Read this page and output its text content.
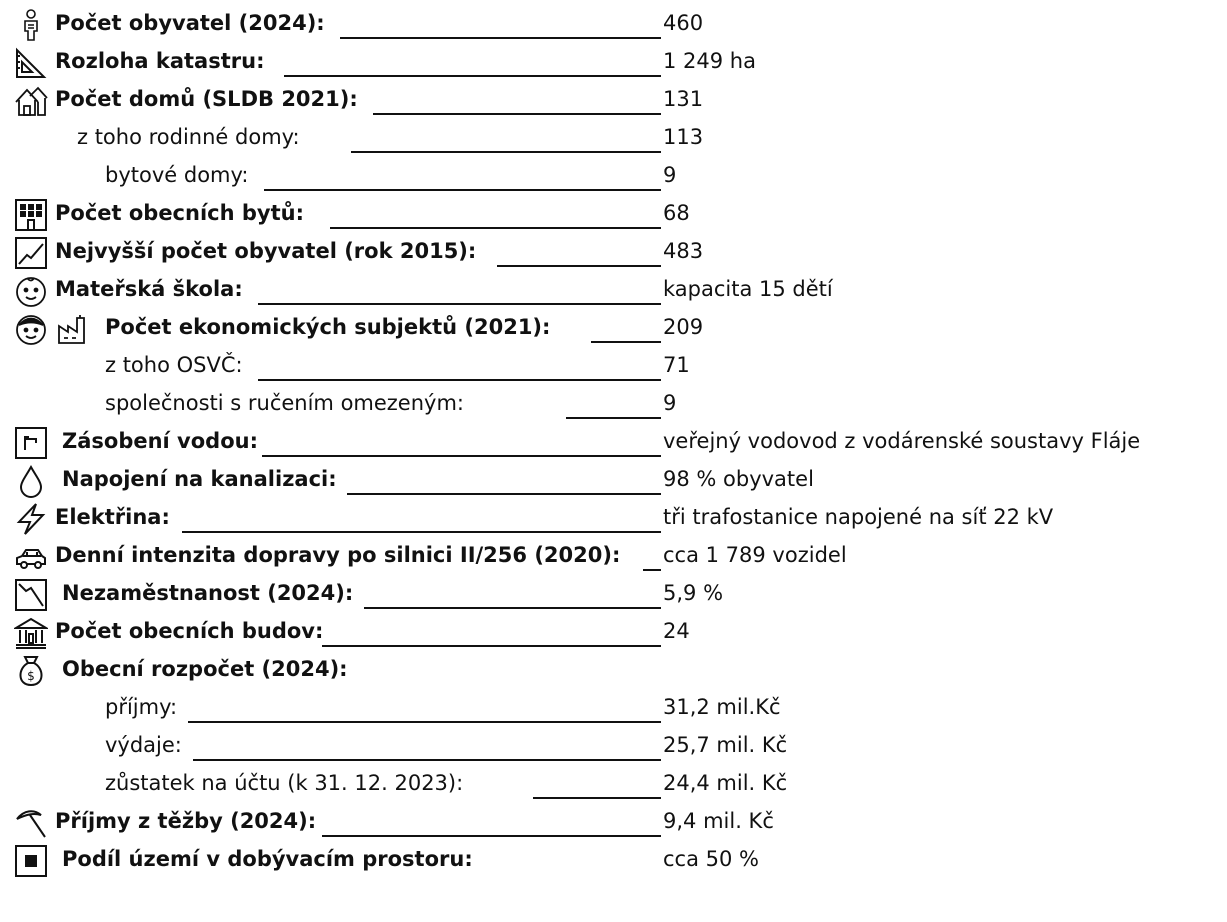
Počet obyvatel (2024):	460
Rozloha katastru:	1 249 ha
Počet domů (SLDB 2021):	131
z toho rodinné domy:	113
bytové domy:	9
Počet obecních bytů:	68
Nejvyšší počet obyvatel (rok 2015):	483
Mateřská škola:	kapacita 15 dětí
Počet ekonomických subjektů (2021):	209
z toho OSVČ:	71
společnosti s ručením omezeným:	9
Zásobení vodou:	veřejný vodovod z vodárenské soustavy Fláje
Napojení na kanalizaci:	98 % obyvatel
Elektřina:	tři trafostanice napojené na síť 22 kV
Denní intenzita dopravy po silnici II/256 (2020): cca 1 789 vozidel
Nezaměstnanost (2024):	5,9 %
Počet obecních budov:	24
$ Obecní rozpočet (2024):
příjmy:	31,2 mil.Kč
výdaje:	25,7 mil. Kč
zůstatek na účtu (k 31. 12. 2023):	24,4 mil. Kč
Příjmy z těžby (2024):	9,4 mil. Kč
Podíl území v dobývacím prostoru:	cca 50 %
